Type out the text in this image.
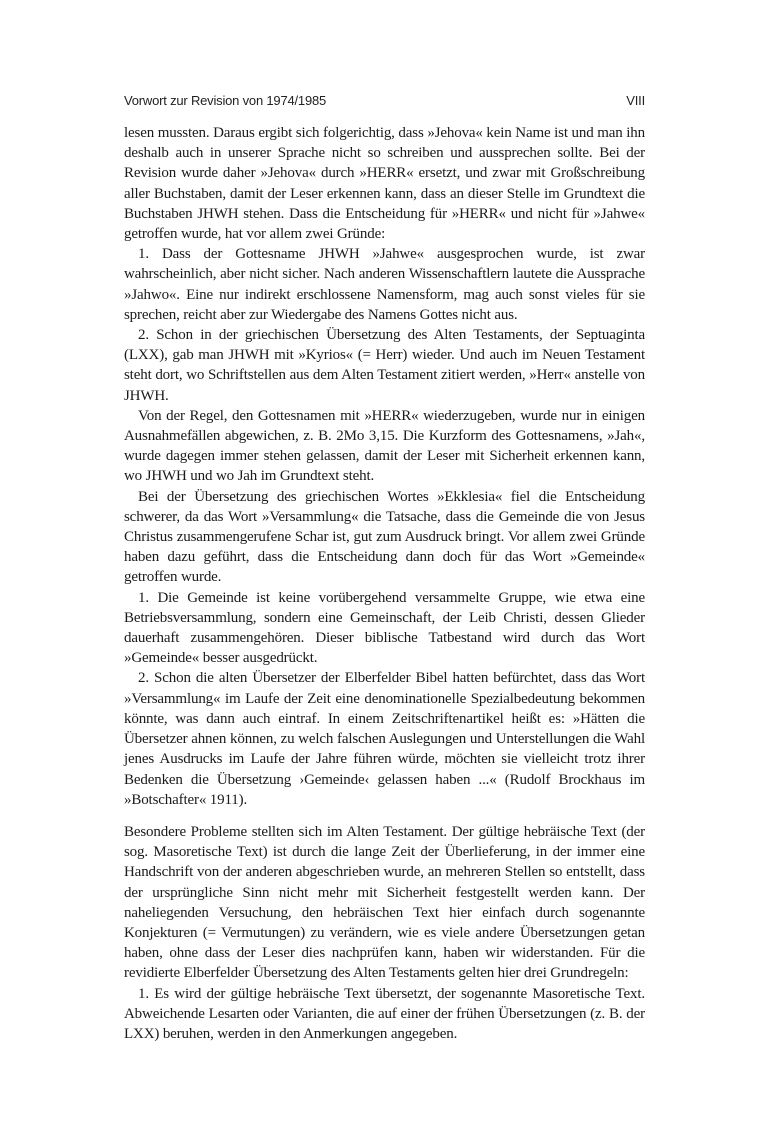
Vorwort zur Revision von 1974/1985	VIII

lesen mussten. Daraus ergibt sich folgerichtig, dass »Jehova« kein Name ist und man ihn deshalb auch in unserer Sprache nicht so schreiben und aussprechen sollte. Bei der Revision wurde daher »Jehova« durch »HERR« ersetzt, und zwar mit Großschreibung aller Buchstaben, damit der Leser erkennen kann, dass an dieser Stelle im Grundtext die Buchstaben JHWH stehen. Dass die Entscheidung für »HERR« und nicht für »Jahwe« getroffen wurde, hat vor allem zwei Gründe:

1. Dass der Gottesname JHWH »Jahwe« ausgesprochen wurde, ist zwar wahrscheinlich, aber nicht sicher. Nach anderen Wissenschaftlern lautete die Aussprache »Jahwo«. Eine nur indirekt erschlossene Namensform, mag auch sonst vieles für sie sprechen, reicht aber zur Wiedergabe des Namens Gottes nicht aus.

2. Schon in der griechischen Übersetzung des Alten Testaments, der Septuaginta (LXX), gab man JHWH mit »Kyrios« (= Herr) wieder. Und auch im Neuen Testament steht dort, wo Schriftstellen aus dem Alten Testament zitiert werden, »Herr« anstelle von JHWH.

Von der Regel, den Gottesnamen mit »HERR« wiederzugeben, wurde nur in einigen Ausnahmefällen abgewichen, z. B. 2Mo 3,15. Die Kurzform des Gottesnamens, »Jah«, wurde dagegen immer stehen gelassen, damit der Leser mit Sicherheit erkennen kann, wo JHWH und wo Jah im Grundtext steht.

Bei der Übersetzung des griechischen Wortes »Ekklesia« fiel die Entscheidung schwerer, da das Wort »Versammlung« die Tatsache, dass die Gemeinde die von Jesus Christus zusammengerufene Schar ist, gut zum Ausdruck bringt. Vor allem zwei Gründe haben dazu geführt, dass die Entscheidung dann doch für das Wort »Gemeinde« getroffen wurde.

1. Die Gemeinde ist keine vorübergehend versammelte Gruppe, wie etwa eine Betriebsversammlung, sondern eine Gemeinschaft, der Leib Christi, dessen Glieder dauerhaft zusammengehören. Dieser biblische Tatbestand wird durch das Wort »Gemeinde« besser ausgedrückt.

2. Schon die alten Übersetzer der Elberfelder Bibel hatten befürchtet, dass das Wort »Versammlung« im Laufe der Zeit eine denominationelle Spezialbedeutung bekommen könnte, was dann auch eintraf. In einem Zeitschriftenartikel heißt es: »Hätten die Übersetzer ahnen können, zu welch falschen Auslegungen und Unterstellungen die Wahl jenes Ausdrucks im Laufe der Jahre führen würde, möchten sie vielleicht trotz ihrer Bedenken die Übersetzung ›Gemeinde‹ gelassen haben ...« (Rudolf Brockhaus im »Botschafter« 1911).

Besondere Probleme stellten sich im Alten Testament. Der gültige hebräische Text (der sog. Masoretische Text) ist durch die lange Zeit der Überlieferung, in der immer eine Handschrift von der anderen abgeschrieben wurde, an mehreren Stellen so entstellt, dass der ursprüngliche Sinn nicht mehr mit Sicherheit festgestellt werden kann. Der naheliegenden Versuchung, den hebräischen Text hier einfach durch sogenannte Konjekturen (= Vermutungen) zu verändern, wie es viele andere Übersetzungen getan haben, ohne dass der Leser dies nachprüfen kann, haben wir widerstanden. Für die revidierte Elberfelder Übersetzung des Alten Testaments gelten hier drei Grundregeln:

1. Es wird der gültige hebräische Text übersetzt, der sogenannte Masoretische Text. Abweichende Lesarten oder Varianten, die auf einer der frühen Übersetzungen (z. B. der LXX) beruhen, werden in den Anmerkungen angegeben.
